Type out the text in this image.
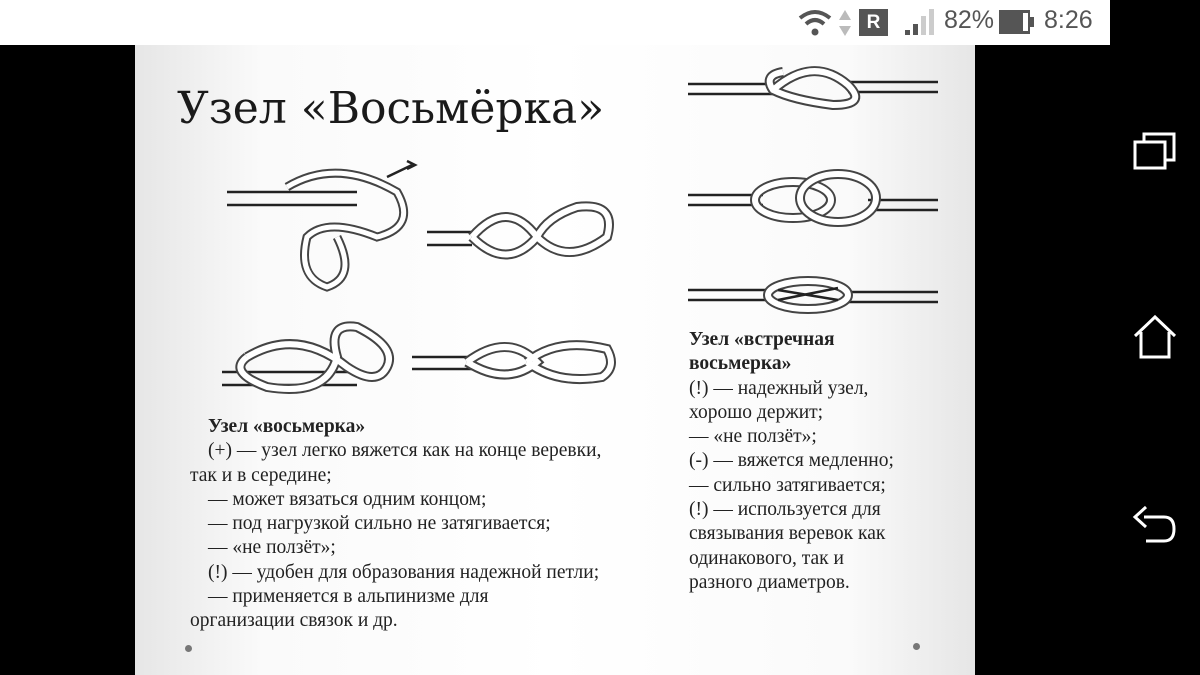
R	82% 8:26
Узел «Восьмёрка»
Узел «восьмерка»
(+) — узел легко вяжется как на конце веревки,
так и в середине;
— может вязаться одним концом;
— под нагрузкой сильно не затягивается;
— «не ползёт»;
(!) — удобен для образования надежной петли;
— применяется в альпинизме для
организации связок и др.
Узел «встречная
восьмерка»
(!) — надежный узел,
хорошо держит;
— «не ползёт»;
(-) — вяжется медленно;
— сильно затягивается;
(!) — используется для
связывания веревок как
одинакового, так и
разного диаметров.
